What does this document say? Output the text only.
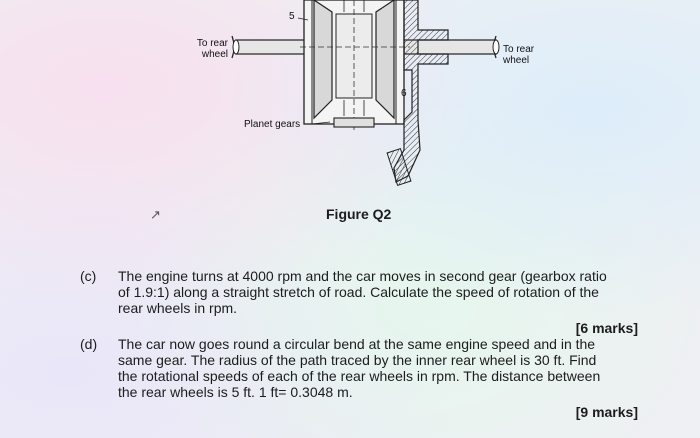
To rear
wheel	To rear
wheel
Planet gears
5
6
↗	Figure Q2
(c) The engine turns at 4000 rpm and the car moves in second gear (gearbox ratio
of 1.9:1) along a straight stretch of road. Calculate the speed of rotation of the
rear wheels in rpm.
[6 marks]
(d) The car now goes round a circular bend at the same engine speed and in the
same gear. The radius of the path traced by the inner rear wheel is 30 ft. Find
the rotational speeds of each of the rear wheels in rpm. The distance between
the rear wheels is 5 ft. 1 ft= 0.3048 m.
[9 marks]
